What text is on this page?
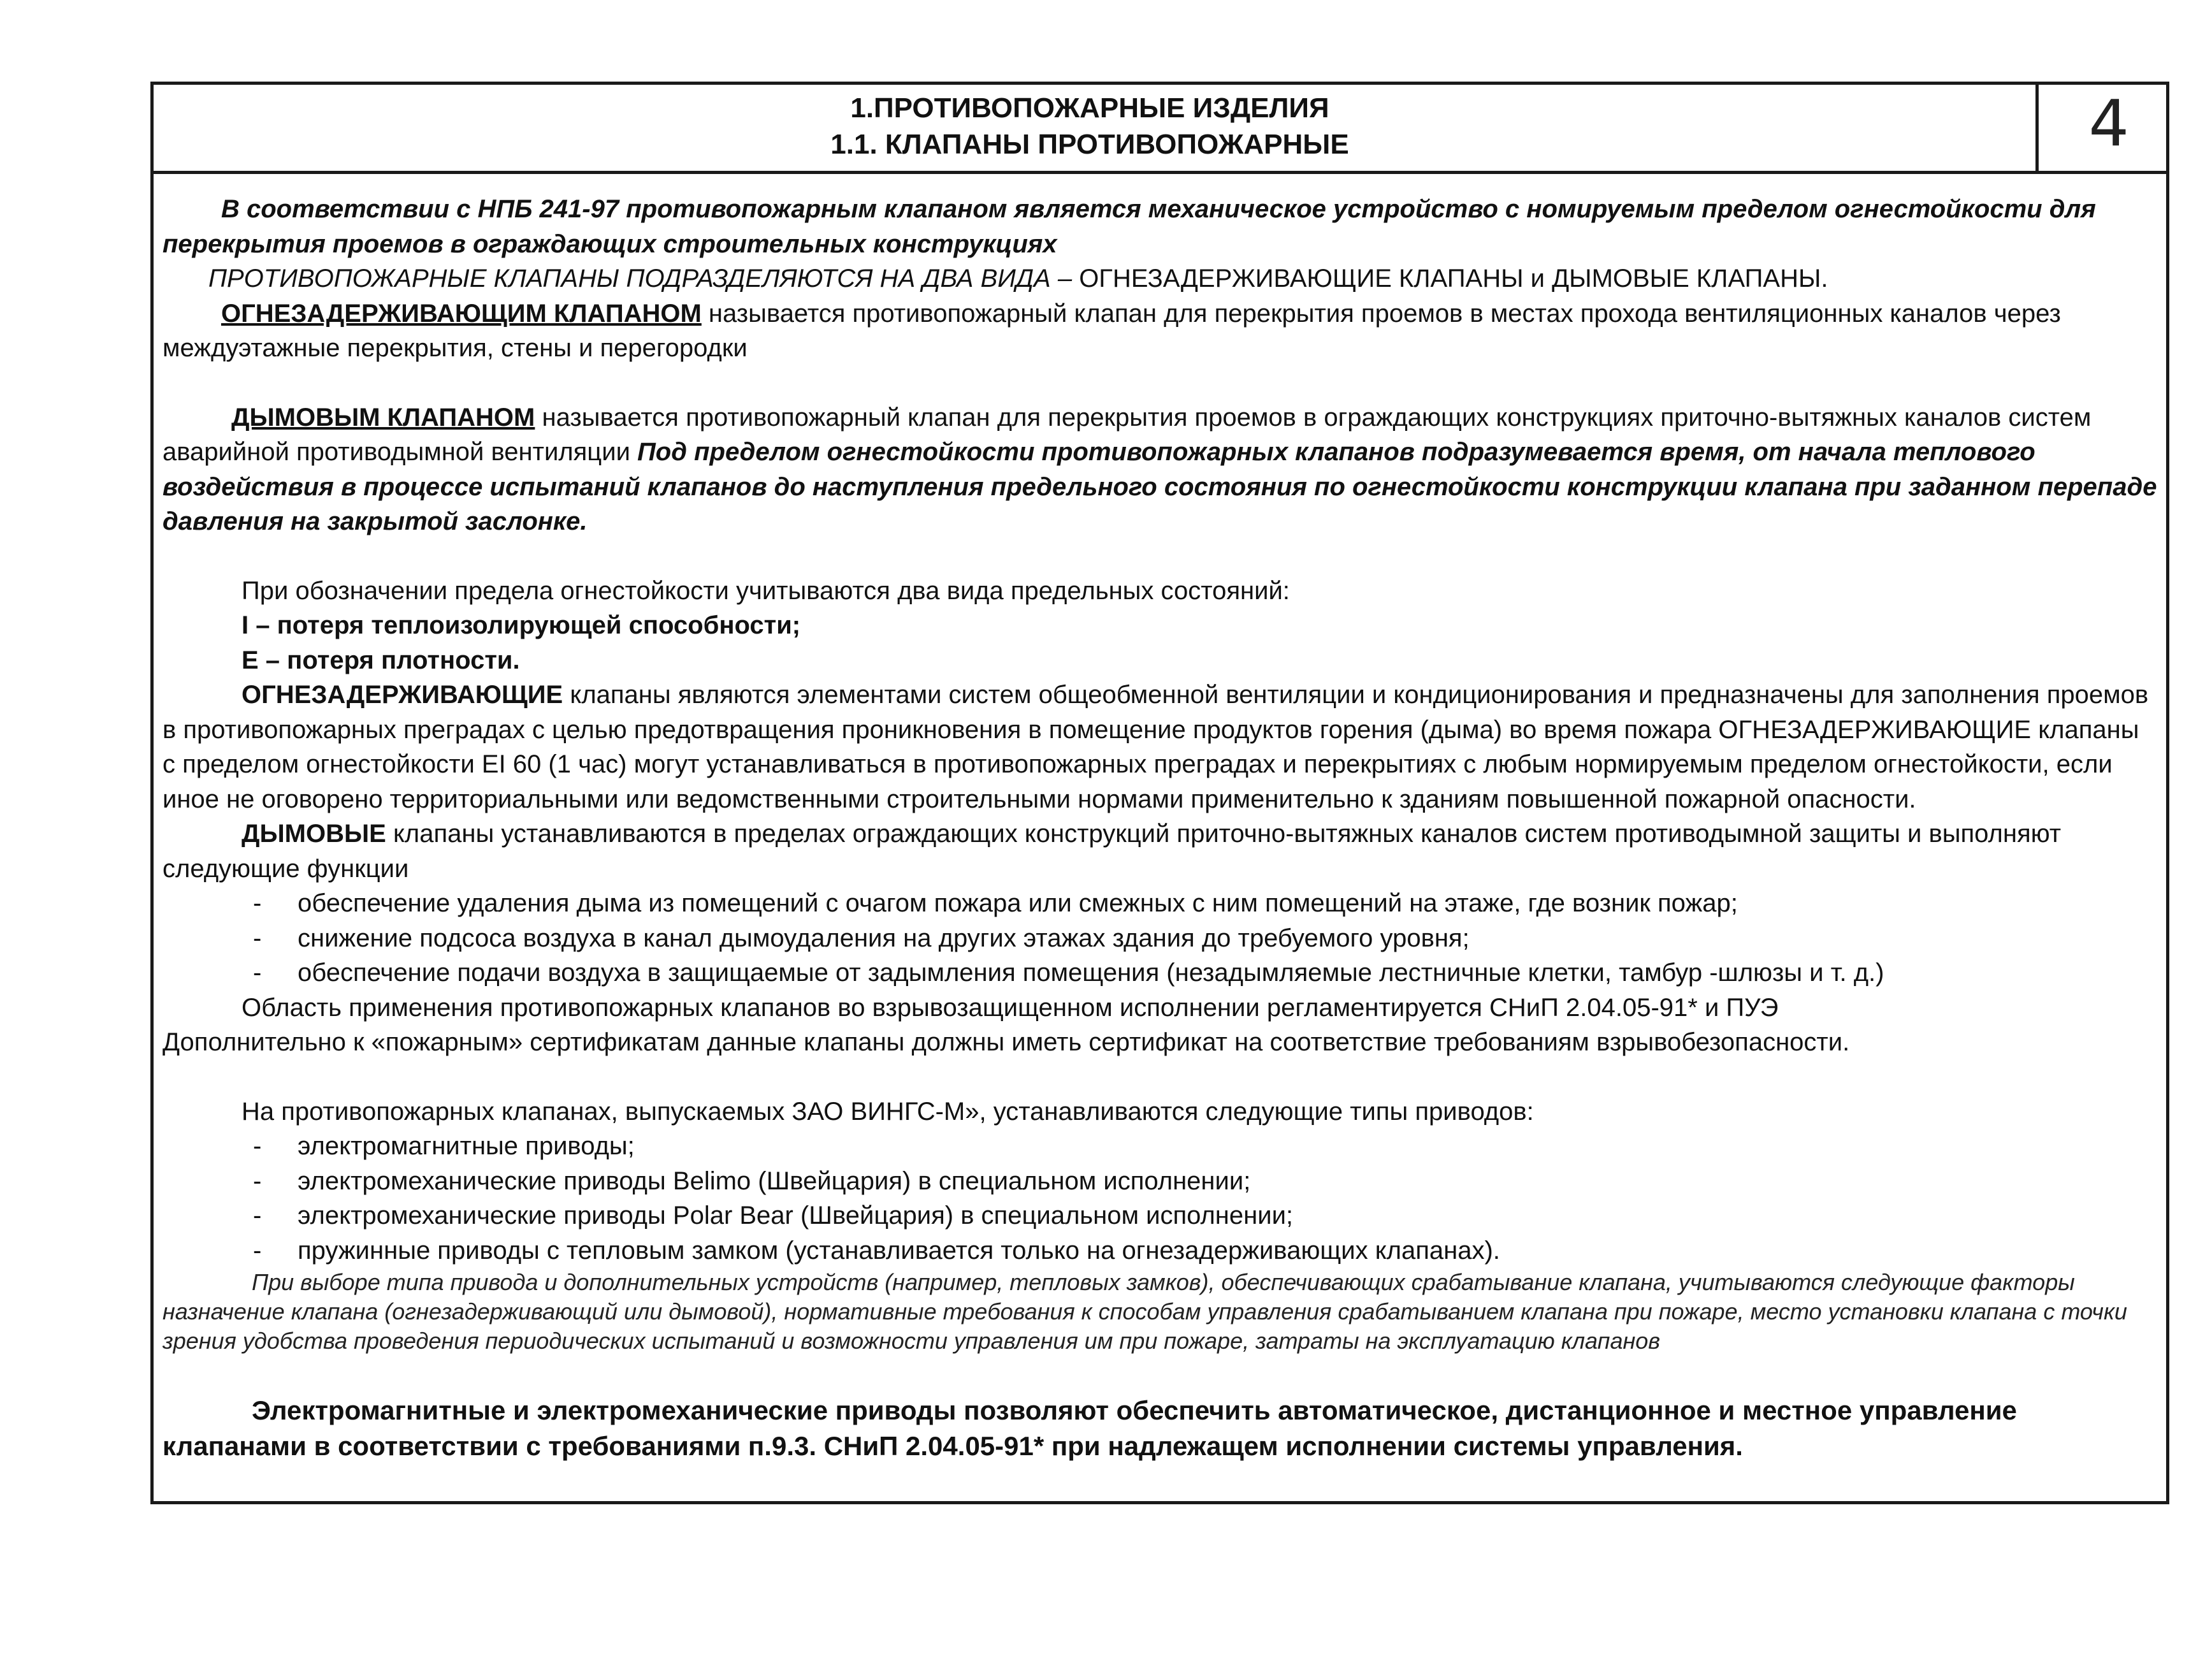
1.ПРОТИВОПОЖАРНЫЕ ИЗДЕЛИЯ
1.1. КЛАПАНЫ ПРОТИВОПОЖАРНЫЕ	4

В соответствии с НПБ 241-97 противопожарным клапаном является механическое устройство с номируемым пределом огнестойкости для перекрытия проемов в ограждающих строительных конструкциях

ПРОТИВОПОЖАРНЫЕ КЛАПАНЫ ПОДРАЗДЕЛЯЮТСЯ НА ДВА ВИДА – ОГНЕЗАДЕРЖИВАЮЩИЕ КЛАПАНЫ и ДЫМОВЫЕ КЛАПАНЫ.

ОГНЕЗАДЕРЖИВАЮЩИМ КЛАПАНОМ называется противопожарный клапан для перекрытия проемов в местах прохода вентиляционных каналов через междуэтажные перекрытия, стены и перегородки

ДЫМОВЫМ КЛАПАНОМ называется противопожарный клапан для перекрытия проемов в ограждающих конструкциях приточно-вытяжных каналов систем аварийной противодымной вентиляции Под пределом огнестойкости противопожарных клапанов подразумевается время, от начала теплового воздействия в процессе испытаний клапанов до наступления предельного состояния по огнестойкости конструкции клапана при заданном перепаде давления на закрытой заслонке.

При обозначении предела огнестойкости учитываются два вида предельных состояний:

I – потеря теплоизолирующей способности;

Е – потеря плотности.

ОГНЕЗАДЕРЖИВАЮЩИЕ клапаны являются элементами систем общеобменной вентиляции и кондиционирования и предназначены для заполнения проемов в противопожарных преградах с целью предотвращения проникновения в помещение продуктов горения (дыма) во время пожара ОГНЕЗАДЕРЖИВАЮЩИЕ клапаны с пределом огнестойкости EI 60 (1 час) могут устанавливаться в противопожарных преградах и перекрытиях с любым нормируемым пределом огнестойкости, если иное не оговорено территориальными или ведомственными строительными нормами применительно к зданиям повышенной пожарной опасности.

ДЫМОВЫЕ клапаны устанавливаются в пределах ограждающих конструкций приточно-вытяжных каналов систем противодымной защиты и выполняют следующие функции

- обеспечение удаления дыма из помещений с очагом пожара или смежных с ним помещений на этаже, где возник пожар;

- снижение подсоса воздуха в канал дымоудаления на других этажах здания до требуемого уровня;

- обеспечение подачи воздуха в защищаемые от задымления помещения (незадымляемые лестничные клетки, тамбур -шлюзы и т. д.)

Область применения противопожарных клапанов во взрывозащищенном исполнении регламентируется СНиП 2.04.05-91* и ПУЭ

Дополнительно к «пожарным» сертификатам данные клапаны должны иметь сертификат на соответствие требованиям взрывобезопасности.

На противопожарных клапанах, выпускаемых ЗАО ВИНГС-М», устанавливаются следующие типы приводов:

- электромагнитные приводы;

- электромеханические приводы Belimo (Швейцария) в специальном исполнении;

- электромеханические приводы Polar Bear (Швейцария) в специальном исполнении;

- пружинные приводы с тепловым замком (устанавливается только на огнезадерживающих клапанах).

При выборе типа привода и дополнительных устройств (например, тепловых замков), обеспечивающих срабатывание клапана, учитываются следующие факторы назначение клапана (огнезадерживающий или дымовой), нормативные требования к способам управления срабатыванием клапана при пожаре, место установки клапана с точки зрения удобства проведения периодических испытаний и возможности управления им при пожаре, затраты на эксплуатацию клапанов

Электромагнитные и электромеханические приводы позволяют обеспечить автоматическое, дистанционное и местное управление клапанами в соответствии с требованиями п.9.3. СНиП 2.04.05-91* при надлежащем исполнении системы управления.
